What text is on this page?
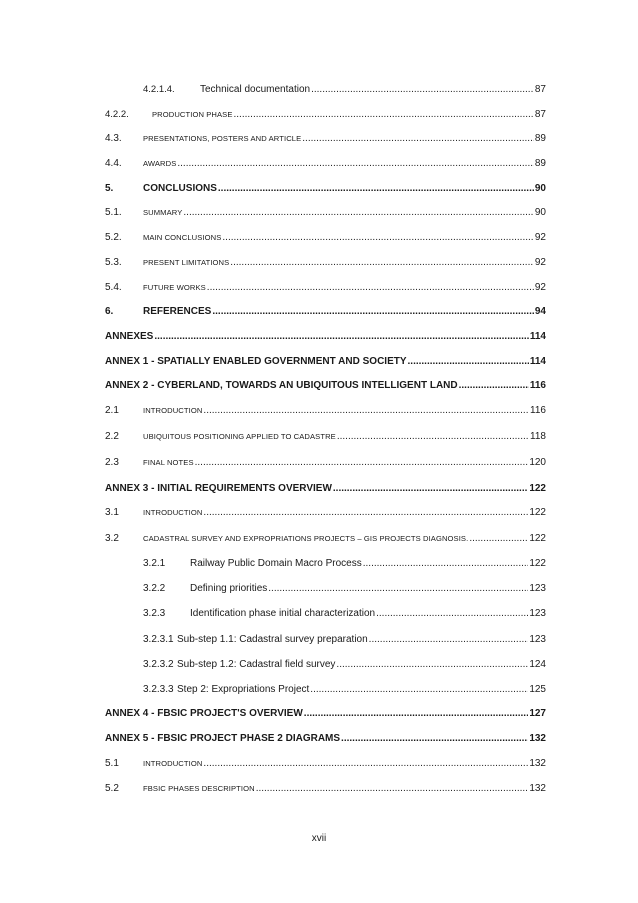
4.2.1.4.	Technical documentation .....	87
4.2.2.	PRODUCTION PHASE .....	87
4.3.	PRESENTATIONS, POSTERS AND ARTICLE .....	89
4.4.	AWARDS .....	89
5.	CONCLUSIONS .....	90
5.1.	SUMMARY .....	90
5.2.	MAIN CONCLUSIONS .....	92
5.3.	PRESENT LIMITATIONS .....	92
5.4.	FUTURE WORKS .....	92
6.	REFERENCES .....	94
ANNEXES .....	114
ANNEX 1 - SPATIALLY ENABLED GOVERNMENT AND SOCIETY .....	114
ANNEX 2 - CYBERLAND, TOWARDS AN UBIQUITOUS INTELLIGENT LAND .....	116
2.1	INTRODUCTION .....	116
2.2	UBIQUITOUS POSITIONING APPLIED TO CADASTRE .....	118
2.3	FINAL NOTES .....	120
ANNEX 3 - INITIAL REQUIREMENTS OVERVIEW .....	122
3.1	INTRODUCTION .....	122
3.2	CADASTRAL SURVEY AND EXPROPRIATIONS PROJECTS – GIS PROJECTS DIAGNOSIS. .....	122
3.2.1 Railway Public Domain Macro Process .....	122
3.2.2 Defining priorities .....	123
3.2.3 Identification phase initial characterization .....	123
3.2.3.1 Sub-step 1.1: Cadastral survey preparation .....	123
3.2.3.2 Sub-step 1.2: Cadastral field survey .....	124
3.2.3.3 Step 2: Expropriations Project .....	125
ANNEX 4 - FBSIC PROJECT'S OVERVIEW .....	127
ANNEX 5 - FBSIC PROJECT PHASE 2 DIAGRAMS .....	132
5.1	INTRODUCTION .....	132
5.2	FBSIC PHASES DESCRIPTION .....	132
xvii
